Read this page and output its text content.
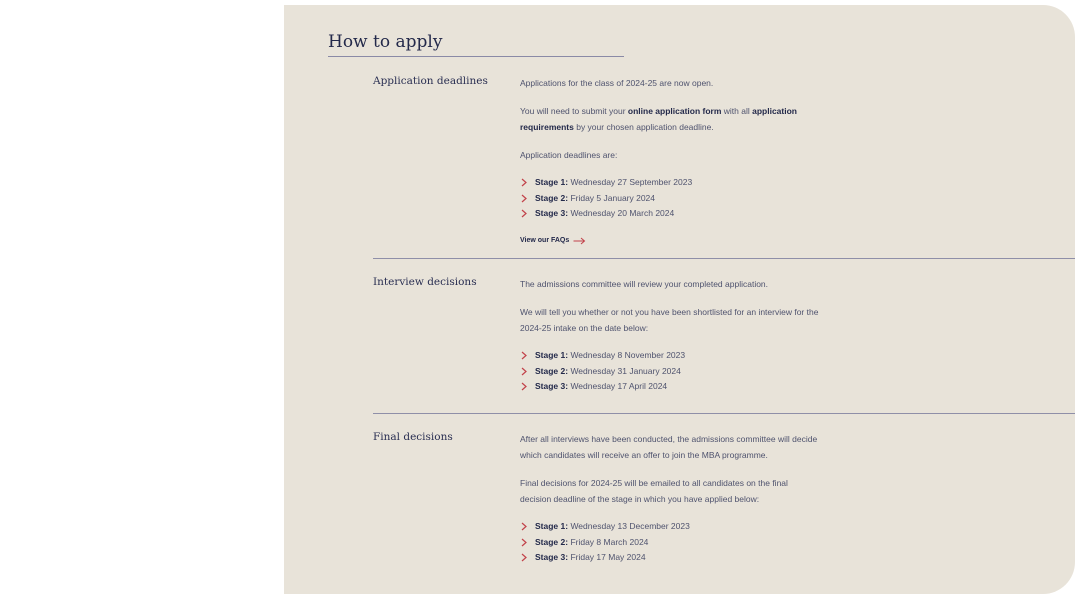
How to apply
Application deadlines	Applications for the class of 2024-25 are now open.

You will need to submit your online application form with all application requirements by your chosen application deadline.

Application deadlines are:

Stage 1: Wednesday 27 September 2023
Stage 2: Friday 5 January 2024
Stage 3: Wednesday 20 March 2024
View our FAQs
Interview decisions	The admissions committee will review your completed application.

We will tell you whether or not you have been shortlisted for an interview for the 2024-25 intake on the date below:

Stage 1: Wednesday 8 November 2023
Stage 2: Wednesday 31 January 2024
Stage 3: Wednesday 17 April 2024
Final decisions	After all interviews have been conducted, the admissions committee will decide which candidates will receive an offer to join the MBA programme.

Final decisions for 2024-25 will be emailed to all candidates on the final decision deadline of the stage in which you have applied below:

Stage 1: Wednesday 13 December 2023
Stage 2: Friday 8 March 2024
Stage 3: Friday 17 May 2024
